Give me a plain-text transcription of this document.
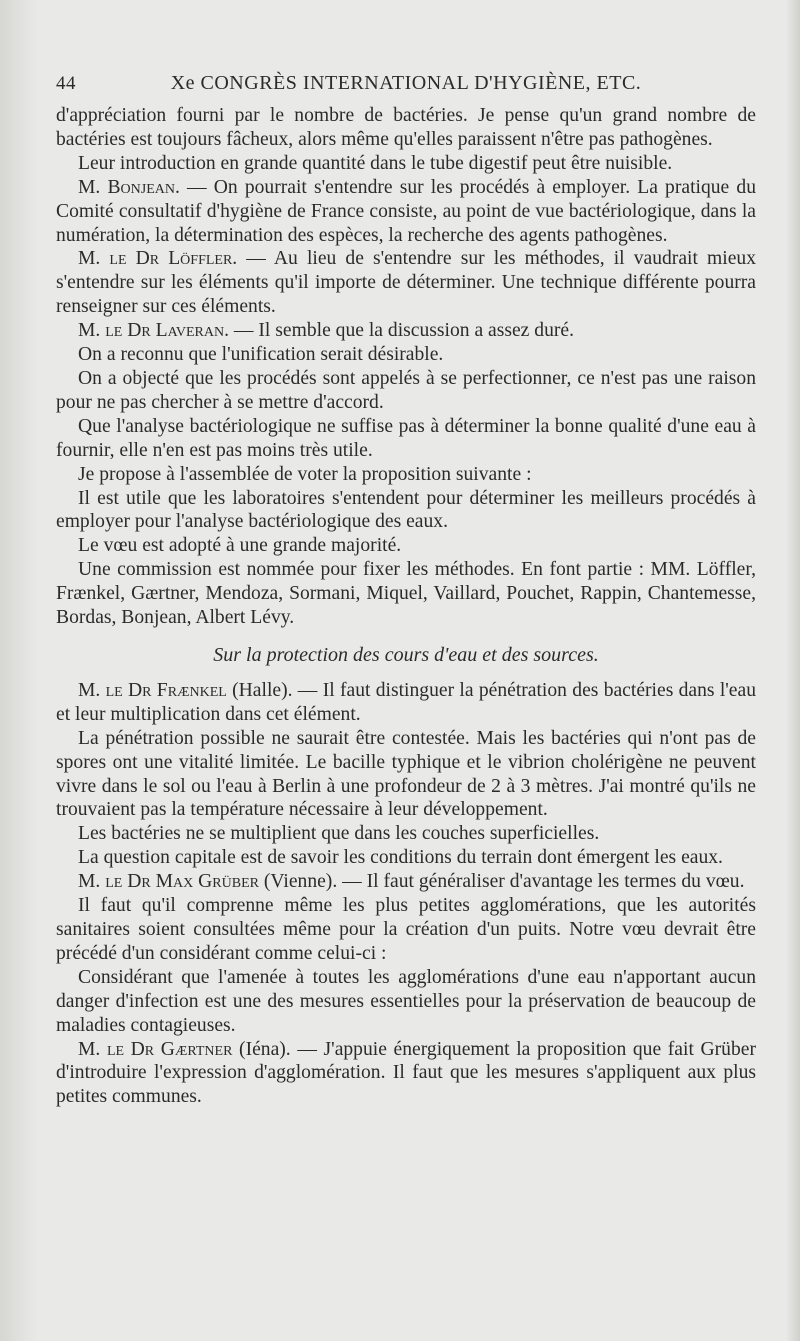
44	Xe CONGRÈS INTERNATIONAL D'HYGIÈNE, ETC.

d'appréciation fourni par le nombre de bactéries. Je pense qu'un grand nombre de bactéries est toujours fâcheux, alors même qu'elles paraissent n'être pas pathogènes.

Leur introduction en grande quantité dans le tube digestif peut être nuisible.

M. Bonjean. — On pourrait s'entendre sur les procédés à employer. La pratique du Comité consultatif d'hygiène de France consiste, au point de vue bactériologique, dans la numération, la détermination des espèces, la recherche des agents pathogènes.

M. le Dr Löffler. — Au lieu de s'entendre sur les méthodes, il vaudrait mieux s'entendre sur les éléments qu'il importe de déterminer. Une technique différente pourra renseigner sur ces éléments.

M. le Dr Laveran. — Il semble que la discussion a assez duré.

On a reconnu que l'unification serait désirable.

On a objecté que les procédés sont appelés à se perfectionner, ce n'est pas une raison pour ne pas chercher à se mettre d'accord.

Que l'analyse bactériologique ne suffise pas à déterminer la bonne qualité d'une eau à fournir, elle n'en est pas moins très utile.

Je propose à l'assemblée de voter la proposition suivante :

Il est utile que les laboratoires s'entendent pour déterminer les meilleurs procédés à employer pour l'analyse bactériologique des eaux.

Le vœu est adopté à une grande majorité.

Une commission est nommée pour fixer les méthodes. En font partie : MM. Löffler, Frænkel, Gærtner, Mendoza, Sormani, Miquel, Vaillard, Pouchet, Rappin, Chantemesse, Bordas, Bonjean, Albert Lévy.

Sur la protection des cours d'eau et des sources.

M. le Dr Frænkel (Halle). — Il faut distinguer la pénétration des bactéries dans l'eau et leur multiplication dans cet élément.

La pénétration possible ne saurait être contestée. Mais les bactéries qui n'ont pas de spores ont une vitalité limitée. Le bacille typhique et le vibrion cholérigène ne peuvent vivre dans le sol ou l'eau à Berlin à une profondeur de 2 à 3 mètres. J'ai montré qu'ils ne trouvaient pas la température nécessaire à leur développement.

Les bactéries ne se multiplient que dans les couches superficielles.

La question capitale est de savoir les conditions du terrain dont émergent les eaux.

M. le Dr Max Grüber (Vienne). — Il faut généraliser d'avantage les termes du vœu.

Il faut qu'il comprenne même les plus petites agglomérations, que les autorités sanitaires soient consultées même pour la création d'un puits. Notre vœu devrait être précédé d'un considérant comme celui-ci :

Considérant que l'amenée à toutes les agglomérations d'une eau n'apportant aucun danger d'infection est une des mesures essentielles pour la préservation de beaucoup de maladies contagieuses.

M. le Dr Gærtner (Iéna). — J'appuie énergiquement la proposition que fait Grüber d'introduire l'expression d'agglomération. Il faut que les mesures s'appliquent aux plus petites communes.
